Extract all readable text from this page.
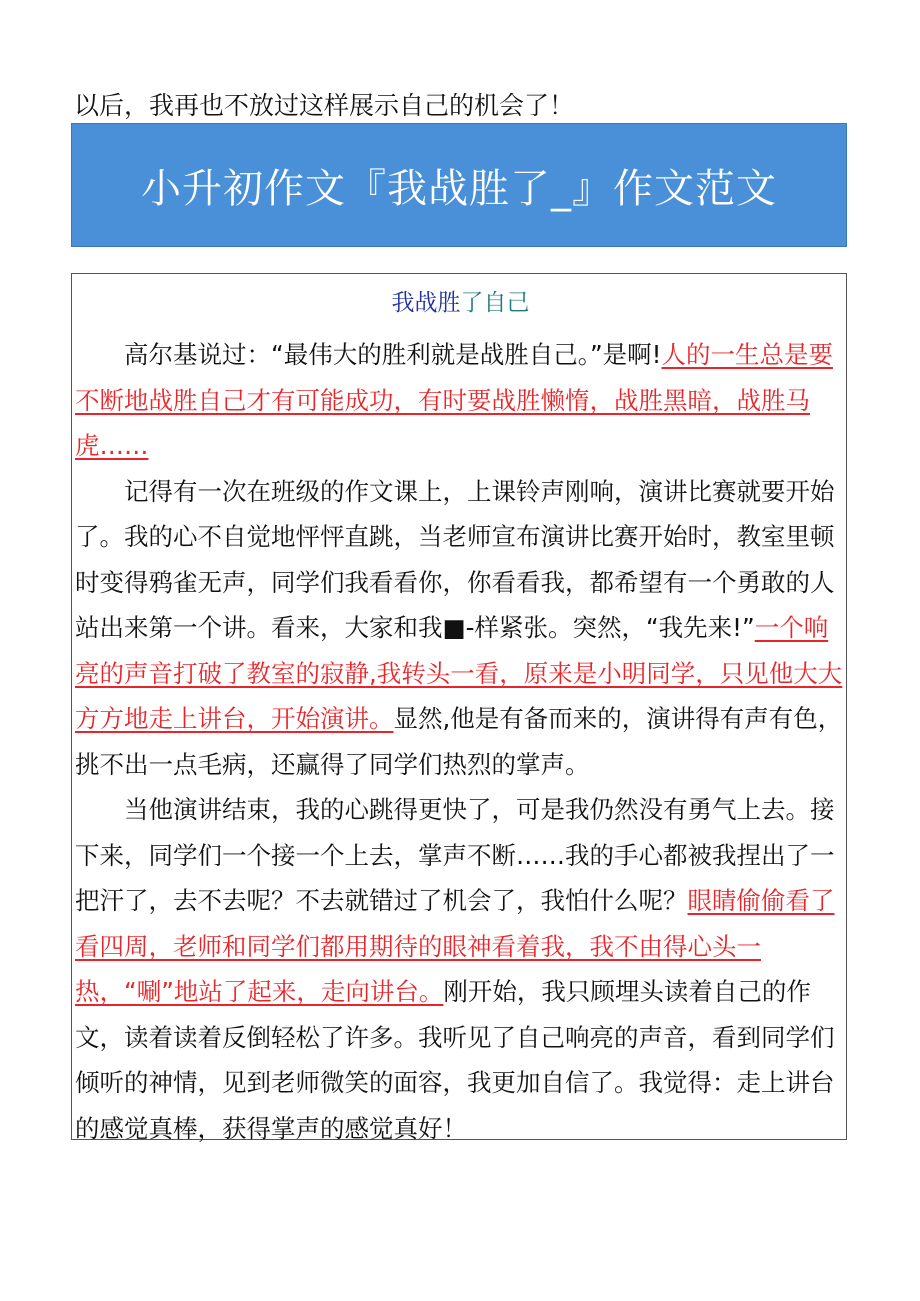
以后，我再也不放过这样展示自己的机会了！
小升初作文『我战胜了_』作文范文
我战胜了自己

高尔基说过：“最伟大的胜利就是战胜自己。”是啊!人的一生总是要不断地战胜自己才有可能成功，有时要战胜懒惰，战胜黑暗，战胜马虎……

记得有一次在班级的作文课上，上课铃声刚响，演讲比赛就要开始了。我的心不自觉地怦怦直跳，当老师宣布演讲比赛开始时，教室里顿时变得鸦雀无声，同学们我看看你，你看看我，都希望有一个勇敢的人站出来第一个讲。看来，大家和我■-样紧张。突然，“我先来!”一个响亮的声音打破了教室的寂静,我转头一看，原来是小明同学，只见他大大方方地走上讲台，开始演讲。显然,他是有备而来的，演讲得有声有色，挑不出一点毛病，还赢得了同学们热烈的掌声。

当他演讲结束，我的心跳得更快了，可是我仍然没有勇气上去。接下来，同学们一个接一个上去，掌声不断……我的手心都被我捏出了一把汗了，去不去呢？不去就错过了机会了，我怕什么呢？眼睛偷偷看了看四周，老师和同学们都用期待的眼神看着我，我不由得心头一热，“唰”地站了起来，走向讲台。刚开始，我只顾埋头读着自己的作文，读着读着反倒轻松了许多。我听见了自己响亮的声音，看到同学们倾听的神情，见到老师微笑的面容，我更加自信了。我觉得：走上讲台的感觉真棒，获得掌声的感觉真好！
